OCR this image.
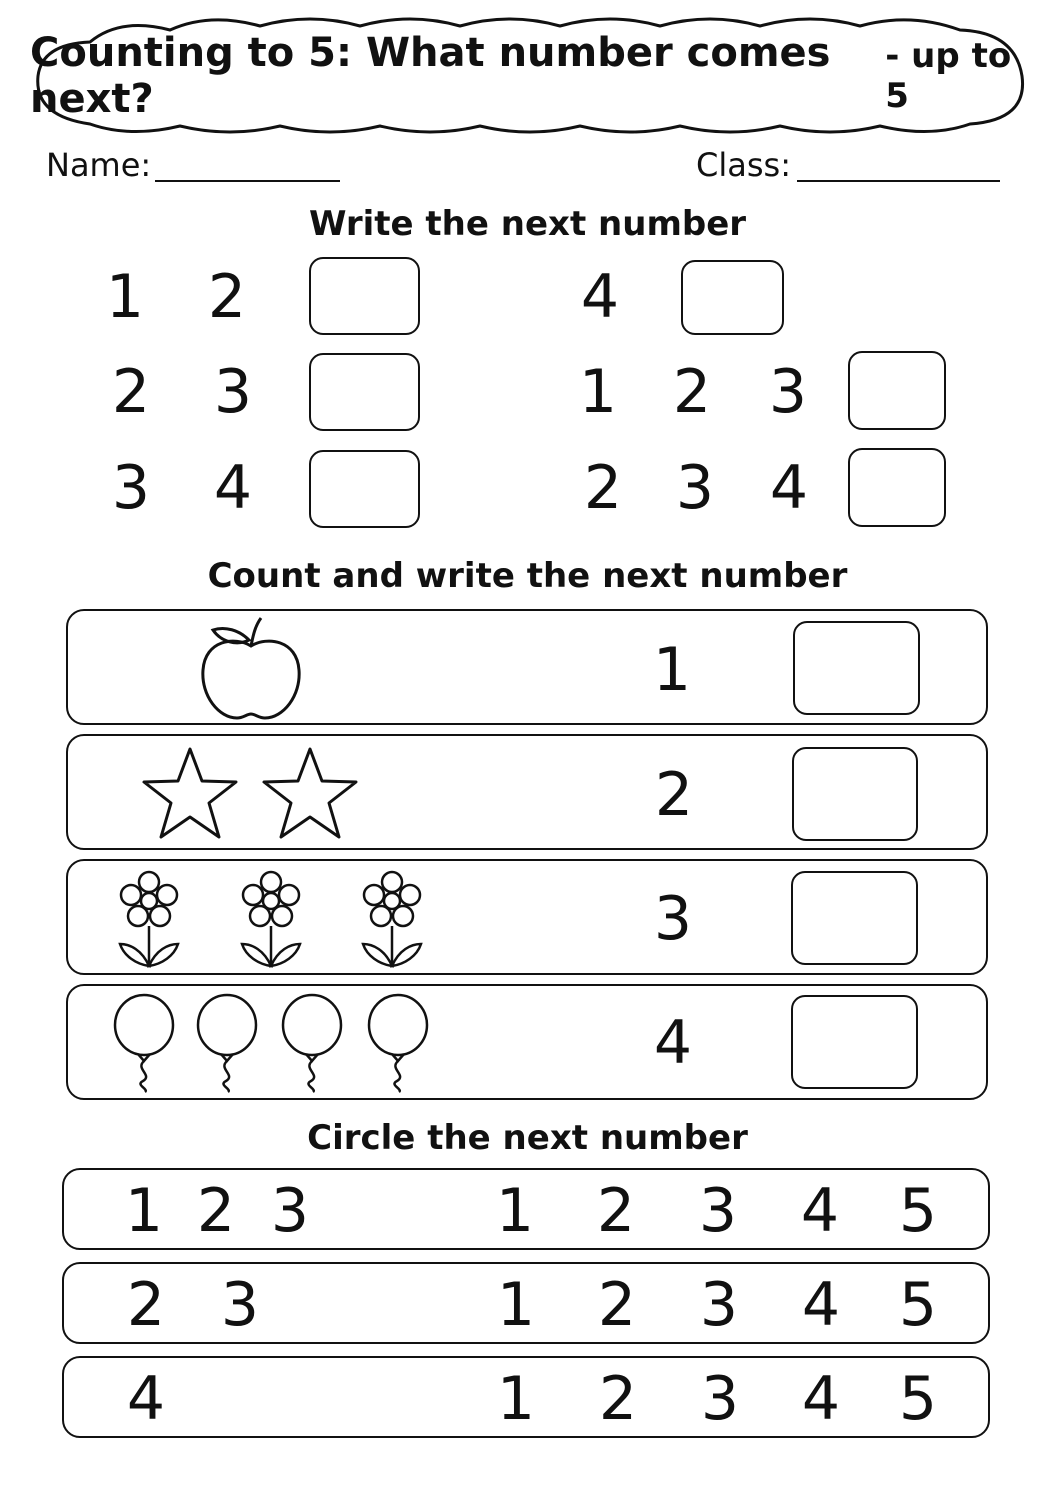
Counting to 5: What number comes next?
- up to 5
Name:	Class:
Write the next number
1 2
2 3
3 4
4
1 2 3
2 3 4
Count and write the next number
1
2
3
4
Circle the next number
1 2 3	1 2 3 4 5
2 3	1 2 3 4 5
4	1 2 3 4 5
